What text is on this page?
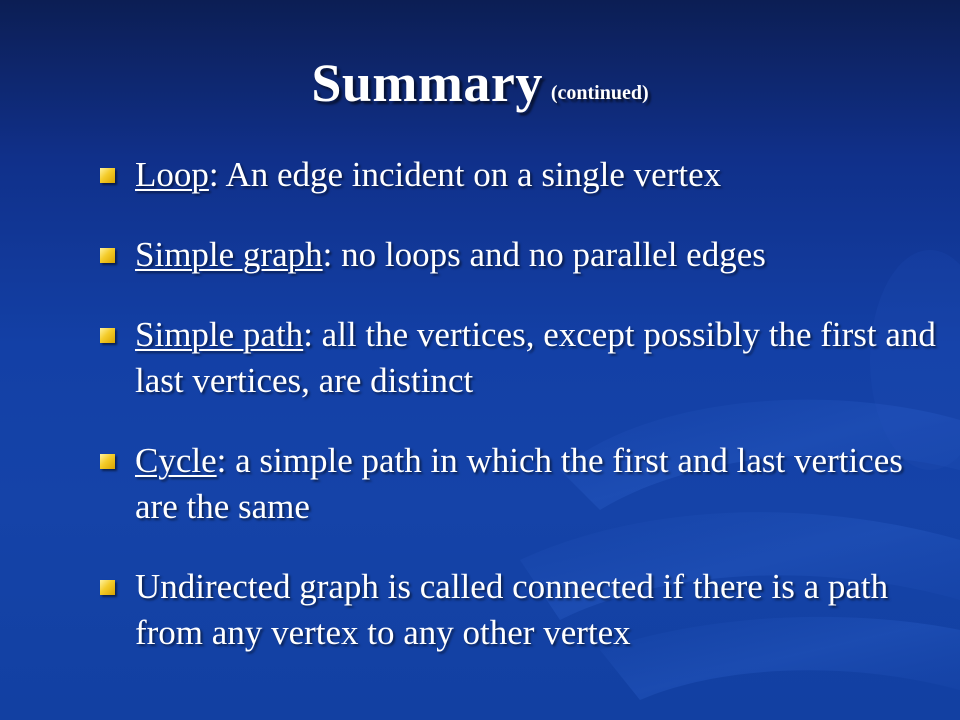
Summary (continued)
Loop: An edge incident on a single vertex
Simple graph: no loops and no parallel edges
Simple path: all the vertices, except possibly the first and last vertices, are distinct
Cycle: a simple path in which the first and last vertices are the same
Undirected graph is called connected if there is a path from any vertex to any other vertex
